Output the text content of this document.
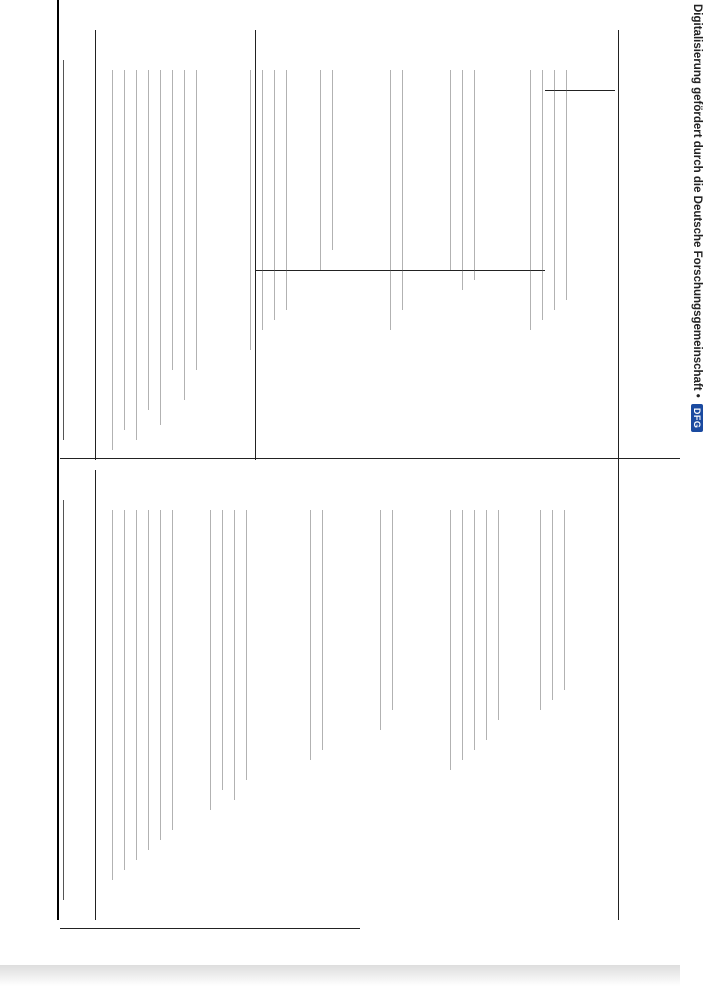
Digitalisierung gefördert durch die Deutsche Forschungsgemeinschaft •
DFG
